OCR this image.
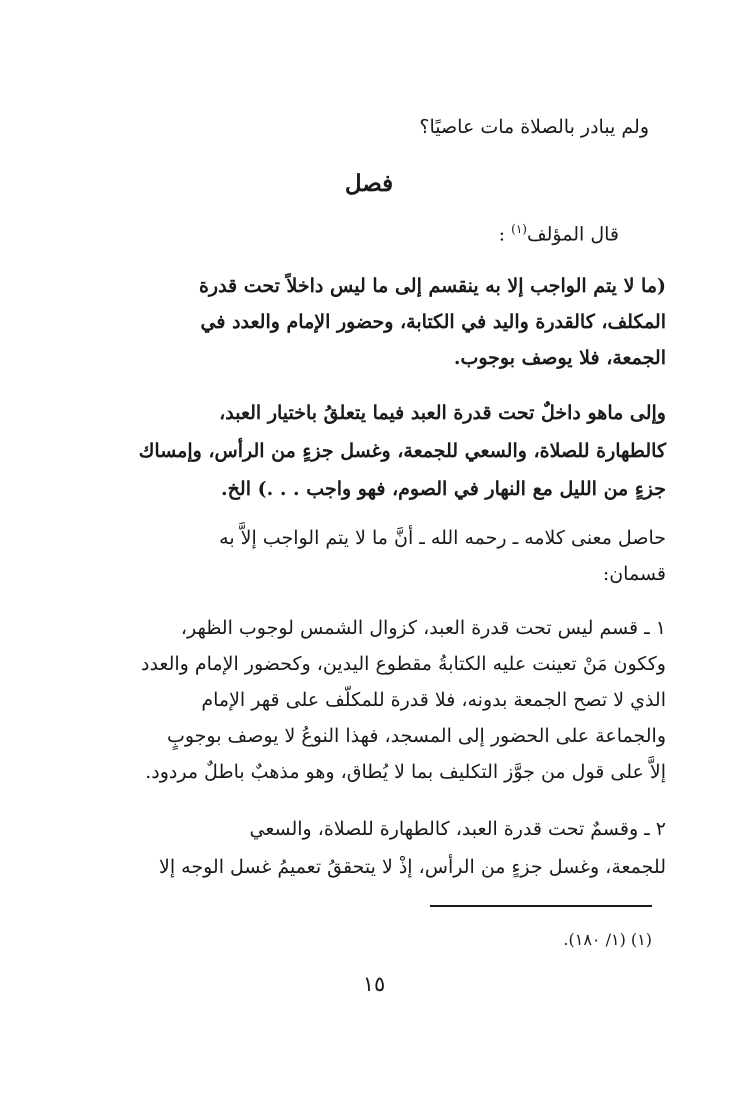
ولم يبادر بالصلاة مات عاصيًا؟
فصل
قال المؤلف$^{(١)}$ :
(ما لا يتم الواجب إلا به ينقسم إلى ما ليس داخلاً تحت قدرة
المكلف، كالقدرة واليد في الكتابة، وحضور الإمام والعدد في
الجمعة، فلا يوصف بوجوب.
وإلى ماهو داخلٌ تحت قدرة العبد فيما يتعلقُ باختيار العبد،
كالطهارة للصلاة، والسعي للجمعة، وغسل جزءٍ من الرأس، وإمساك
جزءٍ من الليل مع النهار في الصوم، فهو واجب . . .) الخ.
حاصل معنى كلامه ـ رحمه الله ـ أنَّ ما لا يتم الواجب إلاَّ به
قسمان:
١ ـ قسم ليس تحت قدرة العبد، كزوال الشمس لوجوب الظهر،
وككون مَنْ تعينت عليه الكتابةُ مقطوع اليدين، وكحضور الإمام والعدد
الذي لا تصح الجمعة بدونه، فلا قدرة للمكلّف على قهر الإمام
والجماعة على الحضور إلى المسجد، فهذا النوعُ لا يوصف بوجوبٍ
إلاَّ على قول من جوَّز التكليف بما لا يُطاق، وهو مذهبٌ باطلٌ مردود.
٢ ـ وقسمٌ تحت قدرة العبد، كالطهارة للصلاة، والسعي
للجمعة، وغسل جزءٍ من الرأس، إذْ لا يتحققُ تعميمُ غسل الوجه إلا
(١) (١/ ١٨٠).
١٥
